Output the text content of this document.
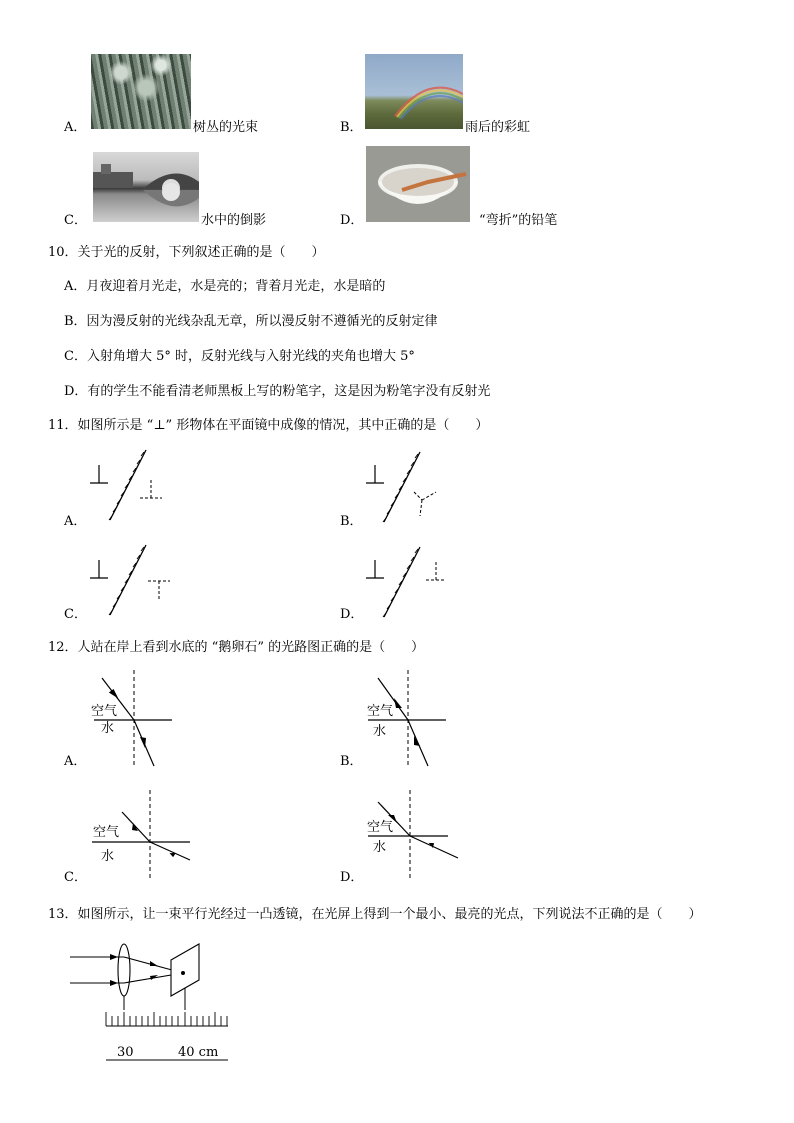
A．	树丛的光束	B．	雨后的彩虹
C．	水中的倒影	D．	“弯折”的铅笔
10．关于光的反射，下列叙述正确的是（　　）
A．月夜迎着月光走，水是亮的；背着月光走，水是暗的
B．因为漫反射的光线杂乱无章，所以漫反射不遵循光的反射定律
C．入射角增大 5° 时，反射光线与入射光线的夹角也增大 5°
D．有的学生不能看清老师黑板上写的粉笔字，这是因为粉笔字没有反射光
11．如图所示是 “⊥” 形物体在平面镜中成像的情况，其中正确的是（　　）
A．	B．
C．	D．
12．人站在岸上看到水底的 “鹅卵石” 的光路图正确的是（　　）
空气
水
A．
空气
水
B．
空气
水
C．
空气
水
D．
13．如图所示，让一束平行光经过一凸透镜，在光屏上得到一个最小、最亮的光点，下列说法不正确的是（　　）
30	40 cm
